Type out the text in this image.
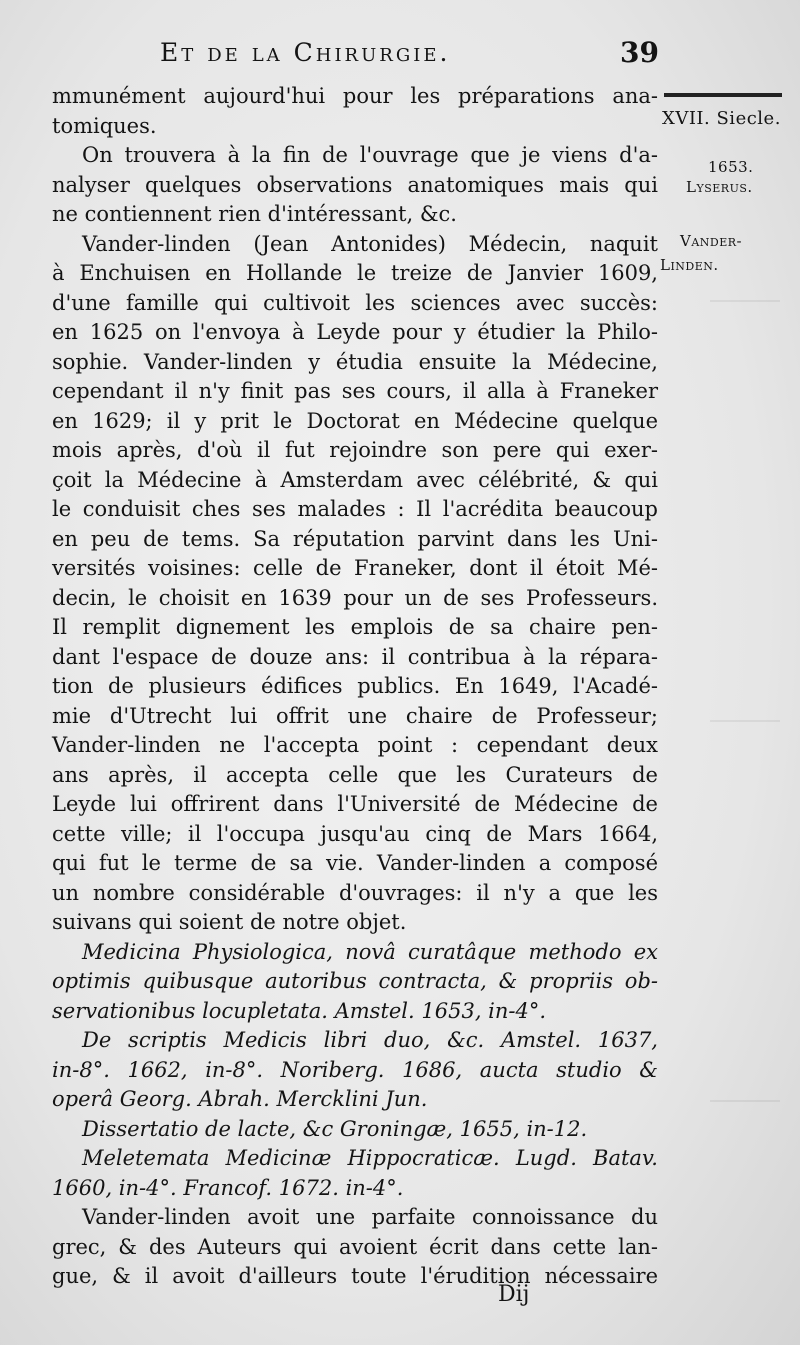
Et de la Chirurgie.	39
XVII. Siecle.
1653.
Lyserus.
Vander-
Linden.
mmunément aujourd'hui pour les préparations ana-
tomiques.
On trouvera à la fin de l'ouvrage que je viens d'a-
nalyser quelques observations anatomiques mais qui
ne contiennent rien d'intéressant, &c.
Vander-linden (Jean Antonides) Médecin, naquit
à Enchuisen en Hollande le treize de Janvier 1609,
d'une famille qui cultivoit les sciences avec succès:
en 1625 on l'envoya à Leyde pour y étudier la Philo-
sophie. Vander-linden y étudia ensuite la Médecine,
cependant il n'y finit pas ses cours, il alla à Franeker
en 1629; il y prit le Doctorat en Médecine quelque
mois après, d'où il fut rejoindre son pere qui exer-
çoit la Médecine à Amsterdam avec célébrité, & qui
le conduisit ches ses malades : Il l'acrédita beaucoup
en peu de tems. Sa réputation parvint dans les Uni-
versités voisines: celle de Franeker, dont il étoit Mé-
decin, le choisit en 1639 pour un de ses Professeurs.
Il remplit dignement les emplois de sa chaire pen-
dant l'espace de douze ans: il contribua à la répara-
tion de plusieurs édifices publics. En 1649, l'Acadé-
mie d'Utrecht lui offrit une chaire de Professeur;
Vander-linden ne l'accepta point : cependant deux
ans après, il accepta celle que les Curateurs de
Leyde lui offrirent dans l'Université de Médecine de
cette ville; il l'occupa jusqu'au cinq de Mars 1664,
qui fut le terme de sa vie. Vander-linden a composé
un nombre considérable d'ouvrages: il n'y a que les
suivans qui soient de notre objet.
Medicina Physiologica, novâ curatâque methodo ex
optimis quibusque autoribus contracta, & propriis ob-
servationibus locupletata. Amstel. 1653, in-4°.
De scriptis Medicis libri duo, &c. Amstel. 1637,
in-8°. 1662, in-8°. Noriberg. 1686, aucta studio &
operâ Georg. Abrah. Mercklini Jun.
Dissertatio de lacte, &c Groningæ, 1655, in-12.
Meletemata Medicinæ Hippocraticæ. Lugd. Batav.
1660, in-4°. Francof. 1672. in-4°.
Vander-linden avoit une parfaite connoissance du
grec, & des Auteurs qui avoient écrit dans cette lan-
gue, & il avoit d'ailleurs toute l'érudition nécessaire
Dij
